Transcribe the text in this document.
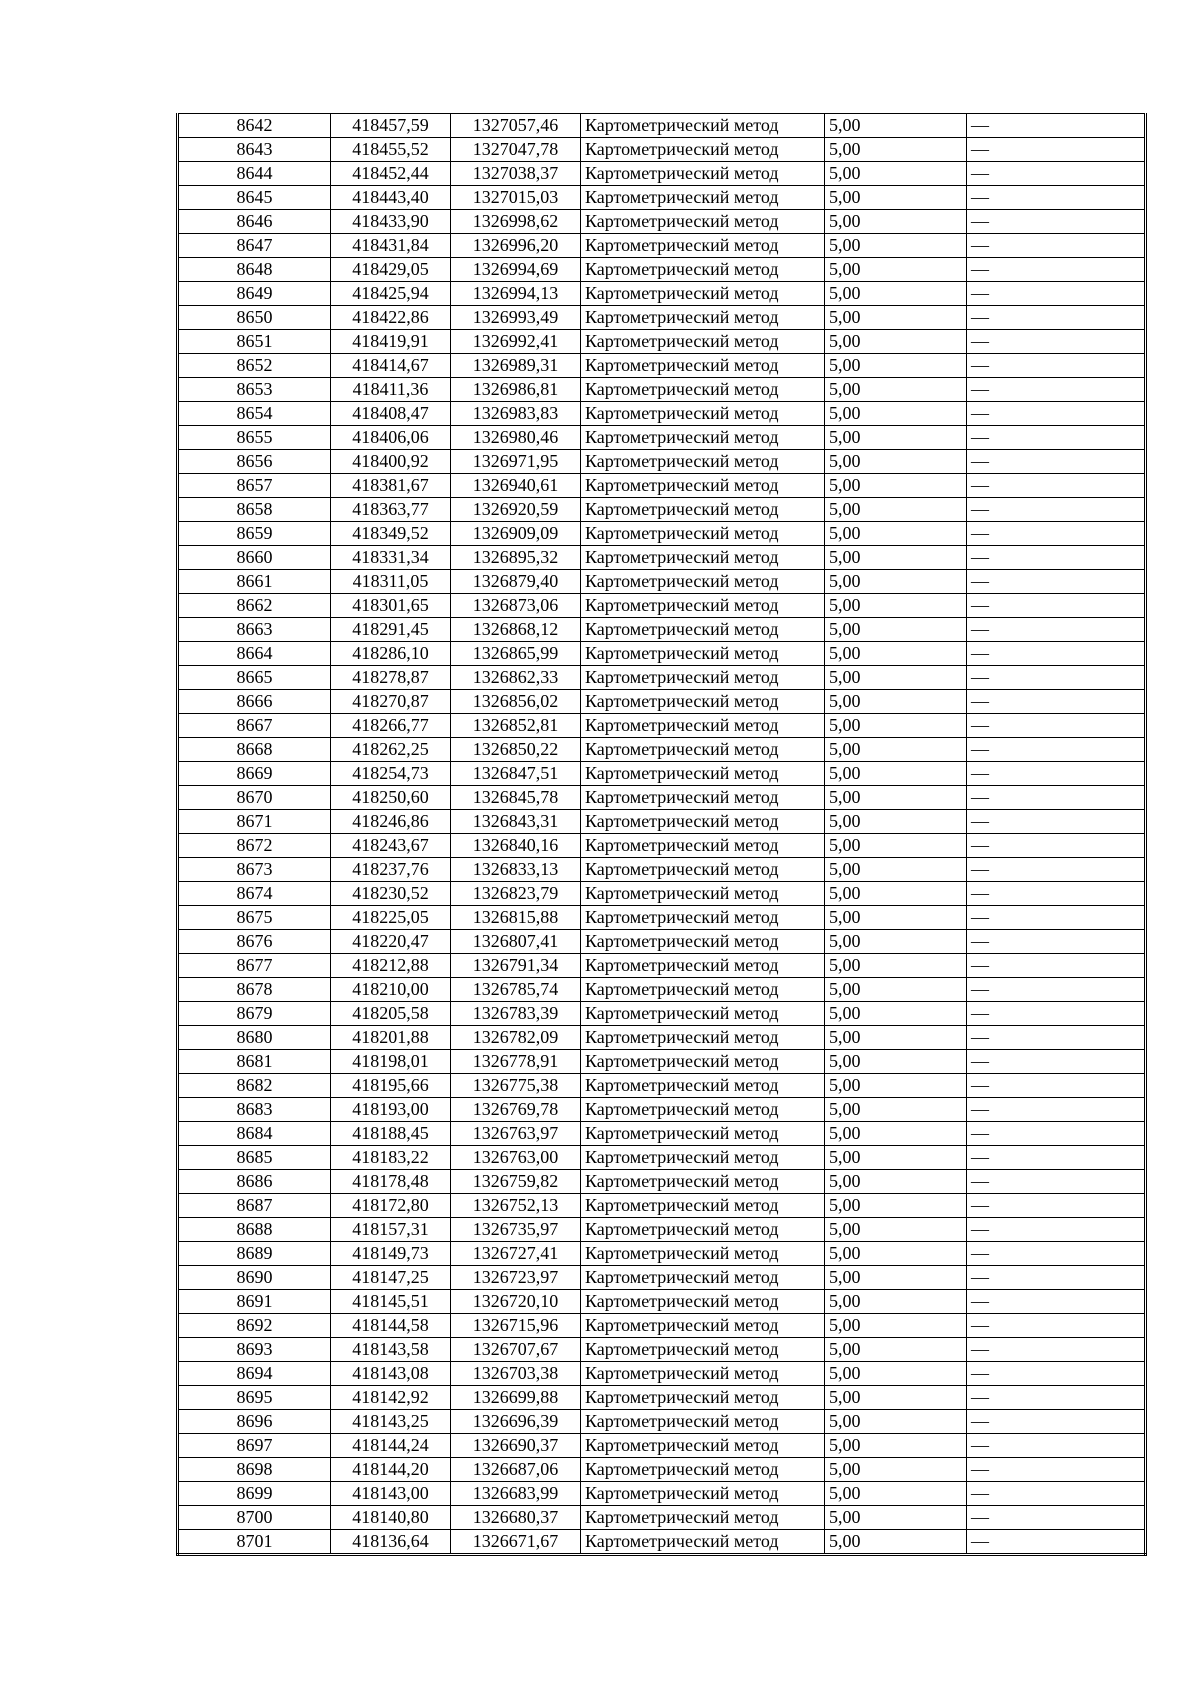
8642	418457,59	1327057,46	Картометрический метод	5,00	—
8643	418455,52	1327047,78	Картометрический метод	5,00	—
8644	418452,44	1327038,37	Картометрический метод	5,00	—
8645	418443,40	1327015,03	Картометрический метод	5,00	—
8646	418433,90	1326998,62	Картометрический метод	5,00	—
8647	418431,84	1326996,20	Картометрический метод	5,00	—
8648	418429,05	1326994,69	Картометрический метод	5,00	—
8649	418425,94	1326994,13	Картометрический метод	5,00	—
8650	418422,86	1326993,49	Картометрический метод	5,00	—
8651	418419,91	1326992,41	Картометрический метод	5,00	—
8652	418414,67	1326989,31	Картометрический метод	5,00	—
8653	418411,36	1326986,81	Картометрический метод	5,00	—
8654	418408,47	1326983,83	Картометрический метод	5,00	—
8655	418406,06	1326980,46	Картометрический метод	5,00	—
8656	418400,92	1326971,95	Картометрический метод	5,00	—
8657	418381,67	1326940,61	Картометрический метод	5,00	—
8658	418363,77	1326920,59	Картометрический метод	5,00	—
8659	418349,52	1326909,09	Картометрический метод	5,00	—
8660	418331,34	1326895,32	Картометрический метод	5,00	—
8661	418311,05	1326879,40	Картометрический метод	5,00	—
8662	418301,65	1326873,06	Картометрический метод	5,00	—
8663	418291,45	1326868,12	Картометрический метод	5,00	—
8664	418286,10	1326865,99	Картометрический метод	5,00	—
8665	418278,87	1326862,33	Картометрический метод	5,00	—
8666	418270,87	1326856,02	Картометрический метод	5,00	—
8667	418266,77	1326852,81	Картометрический метод	5,00	—
8668	418262,25	1326850,22	Картометрический метод	5,00	—
8669	418254,73	1326847,51	Картометрический метод	5,00	—
8670	418250,60	1326845,78	Картометрический метод	5,00	—
8671	418246,86	1326843,31	Картометрический метод	5,00	—
8672	418243,67	1326840,16	Картометрический метод	5,00	—
8673	418237,76	1326833,13	Картометрический метод	5,00	—
8674	418230,52	1326823,79	Картометрический метод	5,00	—
8675	418225,05	1326815,88	Картометрический метод	5,00	—
8676	418220,47	1326807,41	Картометрический метод	5,00	—
8677	418212,88	1326791,34	Картометрический метод	5,00	—
8678	418210,00	1326785,74	Картометрический метод	5,00	—
8679	418205,58	1326783,39	Картометрический метод	5,00	—
8680	418201,88	1326782,09	Картометрический метод	5,00	—
8681	418198,01	1326778,91	Картометрический метод	5,00	—
8682	418195,66	1326775,38	Картометрический метод	5,00	—
8683	418193,00	1326769,78	Картометрический метод	5,00	—
8684	418188,45	1326763,97	Картометрический метод	5,00	—
8685	418183,22	1326763,00	Картометрический метод	5,00	—
8686	418178,48	1326759,82	Картометрический метод	5,00	—
8687	418172,80	1326752,13	Картометрический метод	5,00	—
8688	418157,31	1326735,97	Картометрический метод	5,00	—
8689	418149,73	1326727,41	Картометрический метод	5,00	—
8690	418147,25	1326723,97	Картометрический метод	5,00	—
8691	418145,51	1326720,10	Картометрический метод	5,00	—
8692	418144,58	1326715,96	Картометрический метод	5,00	—
8693	418143,58	1326707,67	Картометрический метод	5,00	—
8694	418143,08	1326703,38	Картометрический метод	5,00	—
8695	418142,92	1326699,88	Картометрический метод	5,00	—
8696	418143,25	1326696,39	Картометрический метод	5,00	—
8697	418144,24	1326690,37	Картометрический метод	5,00	—
8698	418144,20	1326687,06	Картометрический метод	5,00	—
8699	418143,00	1326683,99	Картометрический метод	5,00	—
8700	418140,80	1326680,37	Картометрический метод	5,00	—
8701	418136,64	1326671,67	Картометрический метод	5,00	—
